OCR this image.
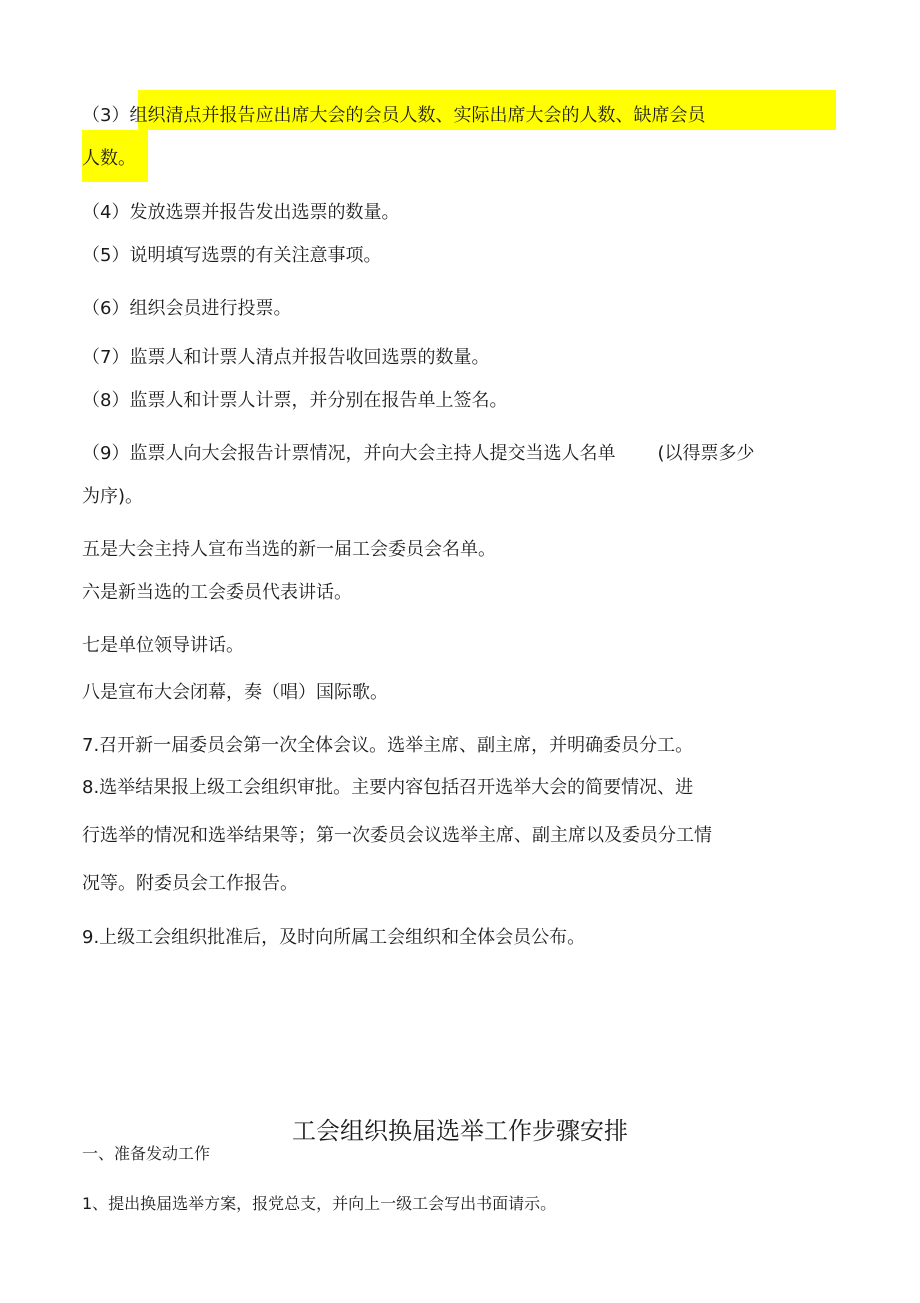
（3）组织清点并报告应出席大会的会员人数、实际出席大会的人数、缺席会员
人数。
（4）发放选票并报告发出选票的数量。
（5）说明填写选票的有关注意事项。
（6）组织会员进行投票。
（7）监票人和计票人清点并报告收回选票的数量。
（8）监票人和计票人计票，并分别在报告单上签名。
（9）监票人向大会报告计票情况，并向大会主持人提交当选人名单 (以得票多少
为序)。
五是大会主持人宣布当选的新一届工会委员会名单。
六是新当选的工会委员代表讲话。
七是单位领导讲话。
八是宣布大会闭幕，奏（唱）国际歌。
7.召开新一届委员会第一次全体会议。选举主席、副主席，并明确委员分工。
8.选举结果报上级工会组织审批。主要内容包括召开选举大会的简要情况、进
行选举的情况和选举结果等；第一次委员会议选举主席、副主席以及委员分工情
况等。附委员会工作报告。
9.上级工会组织批准后，及时向所属工会组织和全体会员公布。
工会组织换届选举工作步骤安排
一、准备发动工作
1、提出换届选举方案，报党总支，并向上一级工会写出书面请示。
